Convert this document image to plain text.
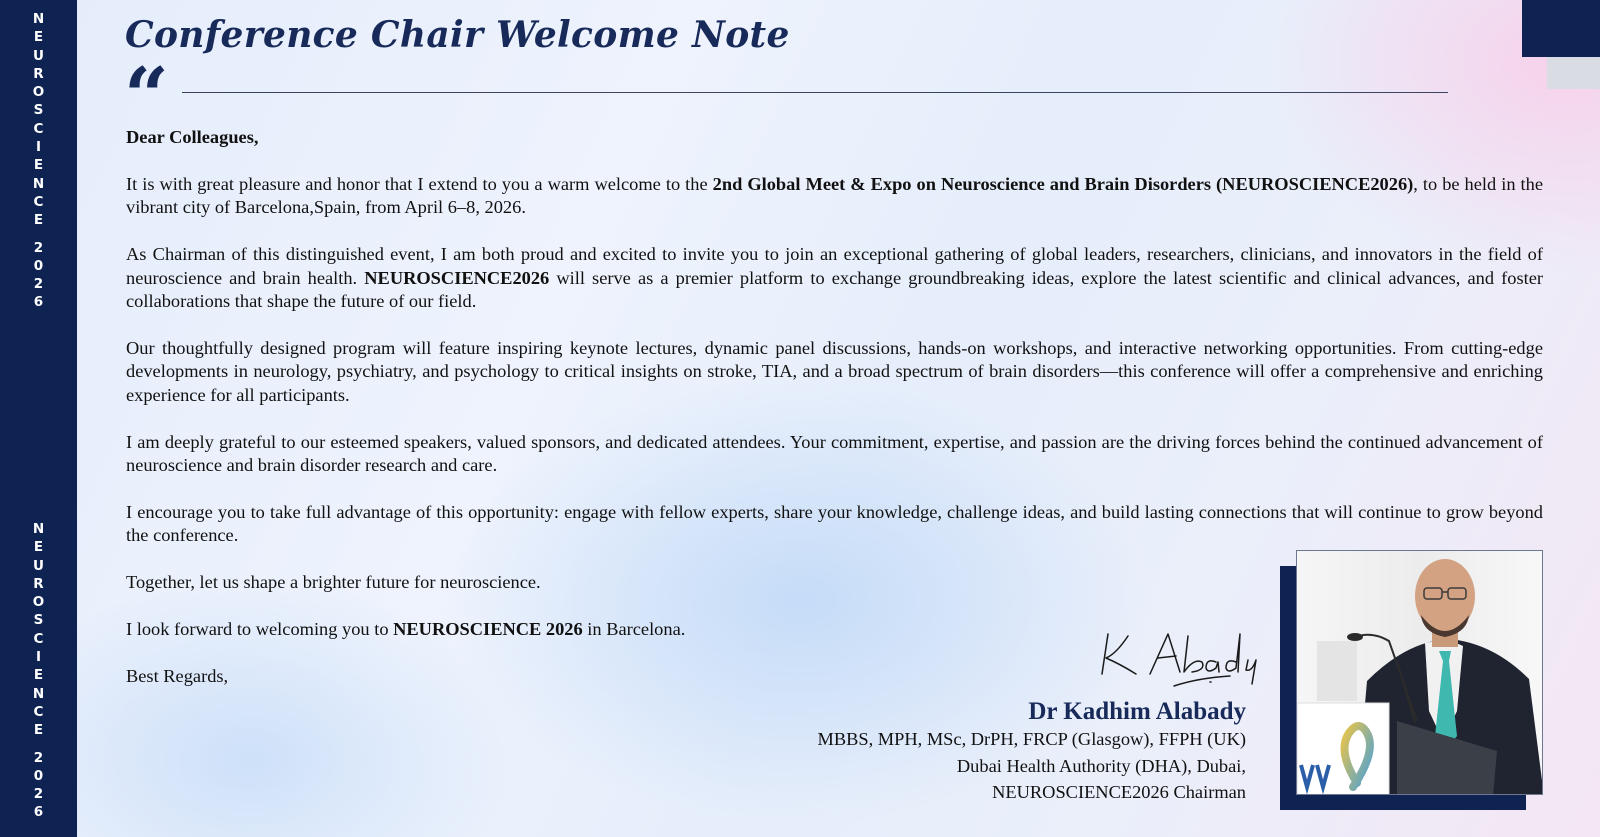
N
E
U
R
O
S
C
I
E
N
C
E
2
0
2
6
N
E
U
R
O
S
C
I
E
N
C
E
2
0
2
6
Conference Chair Welcome Note
“

Dear Colleagues,

It is with great pleasure and honor that I extend to you a warm welcome to the 2nd Global Meet & Expo on Neuroscience and Brain Disorders (NEUROSCIENCE2026), to be held in the vibrant city of Barcelona,Spain, from April 6–8, 2026.

As Chairman of this distinguished event, I am both proud and excited to invite you to join an exceptional gathering of global leaders, researchers, clinicians, and innovators in the field of neuroscience and brain health. NEUROSCIENCE2026 will serve as a premier platform to exchange groundbreaking ideas, explore the latest scientific and clinical advances, and foster collaborations that shape the future of our field.

Our thoughtfully designed program will feature inspiring keynote lectures, dynamic panel discussions, hands-on workshops, and interactive networking opportunities. From cutting-edge developments in neurology, psychiatry, and psychology to critical insights on stroke, TIA, and a broad spectrum of brain disorders—this conference will offer a comprehensive and enriching experience for all participants.

I am deeply grateful to our esteemed speakers, valued sponsors, and dedicated attendees. Your commitment, expertise, and passion are the driving forces behind the continued advancement of neuroscience and brain disorder research and care.

I encourage you to take full advantage of this opportunity: engage with fellow experts, share your knowledge, challenge ideas, and build lasting connections that will continue to grow beyond the conference.

Together, let us shape a brighter future for neuroscience.

I look forward to welcoming you to NEUROSCIENCE 2026 in Barcelona.

Best Regards,

Dr Kadhim Alabady
MBBS, MPH, MSc, DrPH, FRCP (Glasgow), FFPH (UK)
Dubai Health Authority (DHA), Dubai,
NEUROSCIENCE2026 Chairman
